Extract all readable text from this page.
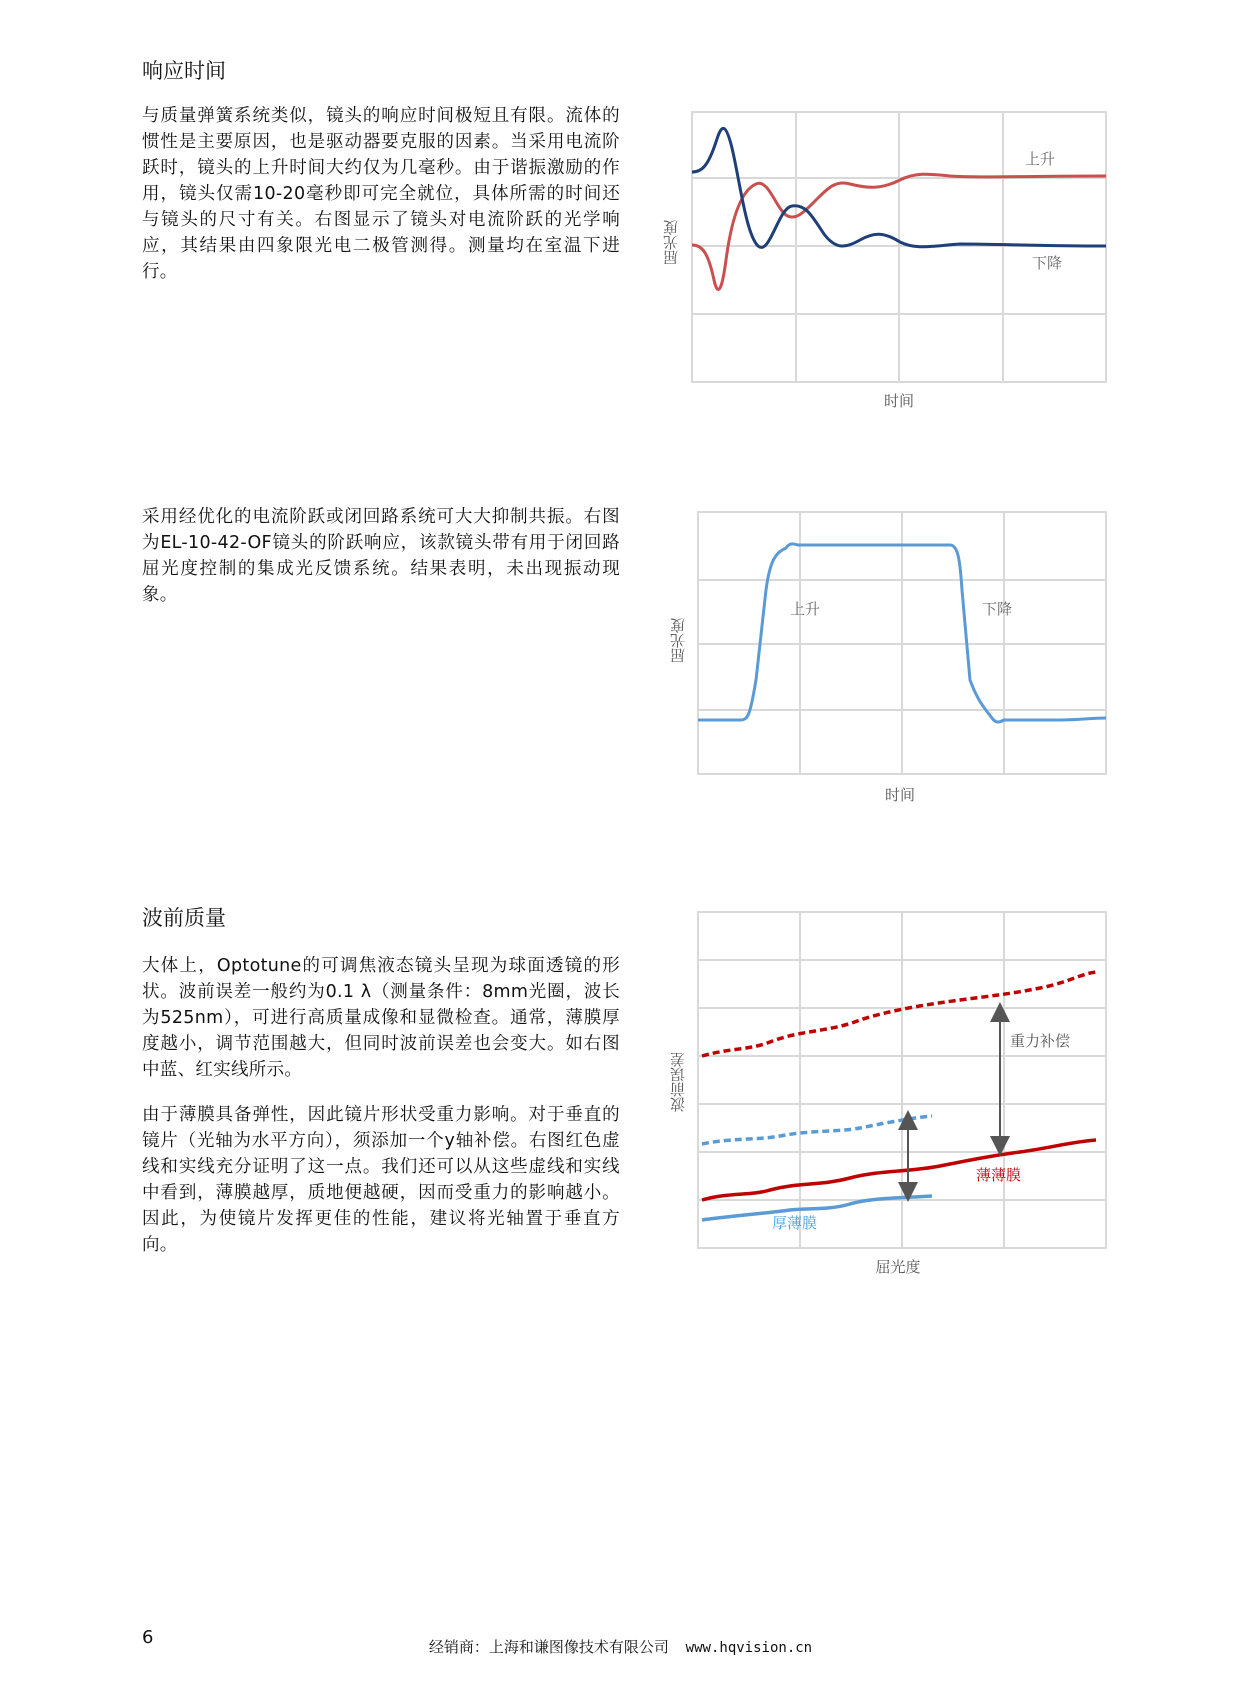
响应时间

与质量弹簧系统类似，镜头的响应时间极短且有限。流体的惯性是主要原因，也是驱动器要克服的因素。当采用电流阶跃时，镜头的上升时间大约仅为几毫秒。由于谐振激励的作用，镜头仅需10-20毫秒即可完全就位，具体所需的时间还与镜头的尺寸有关。右图显示了镜头对电流阶跃的光学响应，其结果由四象限光电二极管测得。测量均在室温下进行。

上升
下降
时间
屈光度

采用经优化的电流阶跃或闭回路系统可大大抑制共振。右图为EL-10-42-OF镜头的阶跃响应，该款镜头带有用于闭回路屈光度控制的集成光反馈系统。结果表明，未出现振动现象。

上升	下降
时间
屈光度
波前质量

大体上，Optotune的可调焦液态镜头呈现为球面透镜的形状。波前误差一般约为0.1 λ（测量条件：8mm光圈，波长为525nm），可进行高质量成像和显微检查。通常，薄膜厚度越小，调节范围越大，但同时波前误差也会变大。如右图中蓝、红实线所示。

由于薄膜具备弹性，因此镜片形状受重力影响。对于垂直的镜片（光轴为水平方向），须添加一个y轴补偿。右图红色虚线和实线充分证明了这一点。我们还可以从这些虚线和实线中看到，薄膜越厚，质地便越硬，因而受重力的影响越小。因此，为使镜片发挥更佳的性能，建议将光轴置于垂直方向。

重力补偿
薄薄膜
厚薄膜
屈光度
波前误差
6	经销商：上海和谦图像技术有限公司 www.hqvision.cn
